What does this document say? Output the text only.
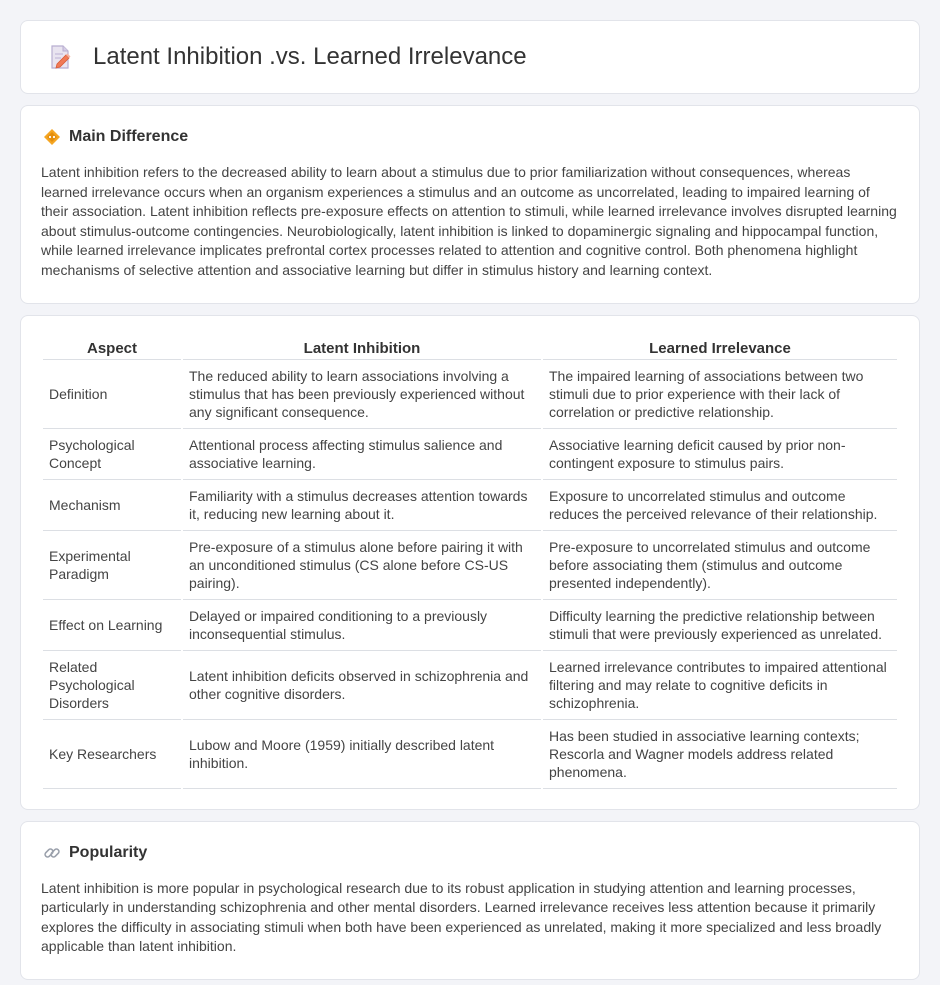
Latent Inhibition .vs. Learned Irrelevance
Main Difference

Latent inhibition refers to the decreased ability to learn about a stimulus due to prior familiarization without consequences, whereas learned irrelevance occurs when an organism experiences a stimulus and an outcome as uncorrelated, leading to impaired learning of their association. Latent inhibition reflects pre-exposure effects on attention to stimuli, while learned irrelevance involves disrupted learning about stimulus-outcome contingencies. Neurobiologically, latent inhibition is linked to dopaminergic signaling and hippocampal function, while learned irrelevance implicates prefrontal cortex processes related to attention and cognitive control. Both phenomena highlight mechanisms of selective attention and associative learning but differ in stimulus history and learning context.

Aspect	Latent Inhibition	Learned Irrelevance
Definition	The reduced ability to learn associations involving a stimulus that has been previously experienced without any significant consequence.	The impaired learning of associations between two stimuli due to prior experience with their lack of correlation or predictive relationship.
Psychological Concept	Attentional process affecting stimulus salience and associative learning.	Associative learning deficit caused by prior non-contingent exposure to stimulus pairs.
Mechanism	Familiarity with a stimulus decreases attention towards it, reducing new learning about it.	Exposure to uncorrelated stimulus and outcome reduces the perceived relevance of their relationship.
Experimental Paradigm	Pre-exposure of a stimulus alone before pairing it with an unconditioned stimulus (CS alone before CS-US pairing).	Pre-exposure to uncorrelated stimulus and outcome before associating them (stimulus and outcome presented independently).
Effect on Learning	Delayed or impaired conditioning to a previously inconsequential stimulus.	Difficulty learning the predictive relationship between stimuli that were previously experienced as unrelated.
Related Psychological Disorders	Latent inhibition deficits observed in schizophrenia and other cognitive disorders.	Learned irrelevance contributes to impaired attentional filtering and may relate to cognitive deficits in schizophrenia.
Key Researchers	Lubow and Moore (1959) initially described latent inhibition.	Has been studied in associative learning contexts; Rescorla and Wagner models address related phenomena.
Popularity

Latent inhibition is more popular in psychological research due to its robust application in studying attention and learning processes, particularly in understanding schizophrenia and other mental disorders. Learned irrelevance receives less attention because it primarily explores the difficulty in associating stimuli when both have been experienced as unrelated, making it more specialized and less broadly applicable than latent inhibition.
